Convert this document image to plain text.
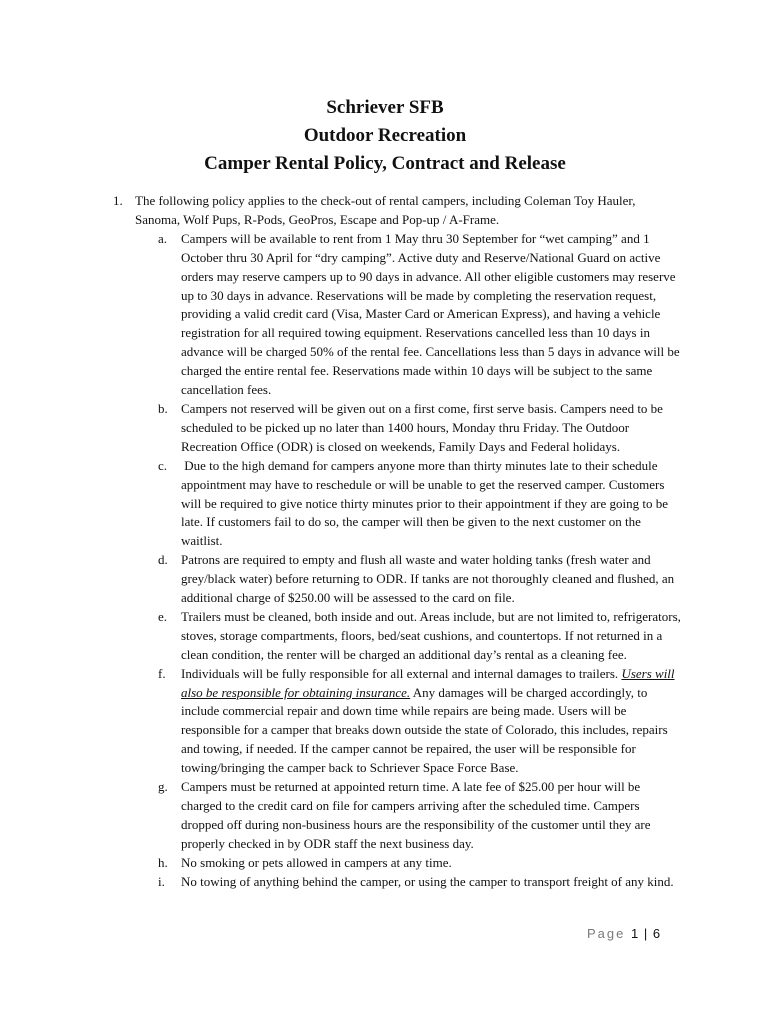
Schriever SFB
Outdoor Recreation
Camper Rental Policy, Contract and Release
1. The following policy applies to the check-out of rental campers, including Coleman Toy Hauler, Sanoma, Wolf Pups, R-Pods, GeoPros, Escape and Pop-up / A-Frame.
a. Campers will be available to rent from 1 May thru 30 September for “wet camping” and 1 October thru 30 April for “dry camping”. Active duty and Reserve/National Guard on active orders may reserve campers up to 90 days in advance. All other eligible customers may reserve up to 30 days in advance. Reservations will be made by completing the reservation request, providing a valid credit card (Visa, Master Card or American Express), and having a vehicle registration for all required towing equipment. Reservations cancelled less than 10 days in advance will be charged 50% of the rental fee. Cancellations less than 5 days in advance will be charged the entire rental fee. Reservations made within 10 days will be subject to the same cancellation fees.
b. Campers not reserved will be given out on a first come, first serve basis. Campers need to be scheduled to be picked up no later than 1400 hours, Monday thru Friday. The Outdoor Recreation Office (ODR) is closed on weekends, Family Days and Federal holidays.
c. Due to the high demand for campers anyone more than thirty minutes late to their schedule appointment may have to reschedule or will be unable to get the reserved camper. Customers will be required to give notice thirty minutes prior to their appointment if they are going to be late. If customers fail to do so, the camper will then be given to the next customer on the waitlist.
d. Patrons are required to empty and flush all waste and water holding tanks (fresh water and grey/black water) before returning to ODR. If tanks are not thoroughly cleaned and flushed, an additional charge of $250.00 will be assessed to the card on file.
e. Trailers must be cleaned, both inside and out. Areas include, but are not limited to, refrigerators, stoves, storage compartments, floors, bed/seat cushions, and countertops. If not returned in a clean condition, the renter will be charged an additional day’s rental as a cleaning fee.
f. Individuals will be fully responsible for all external and internal damages to trailers. Users will also be responsible for obtaining insurance. Any damages will be charged accordingly, to include commercial repair and down time while repairs are being made. Users will be responsible for a camper that breaks down outside the state of Colorado, this includes, repairs and towing, if needed. If the camper cannot be repaired, the user will be responsible for towing/bringing the camper back to Schriever Space Force Base.
g. Campers must be returned at appointed return time. A late fee of $25.00 per hour will be charged to the credit card on file for campers arriving after the scheduled time. Campers dropped off during non-business hours are the responsibility of the customer until they are properly checked in by ODR staff the next business day.
h. No smoking or pets allowed in campers at any time.
i. No towing of anything behind the camper, or using the camper to transport freight of any kind.
Page 1 | 6
